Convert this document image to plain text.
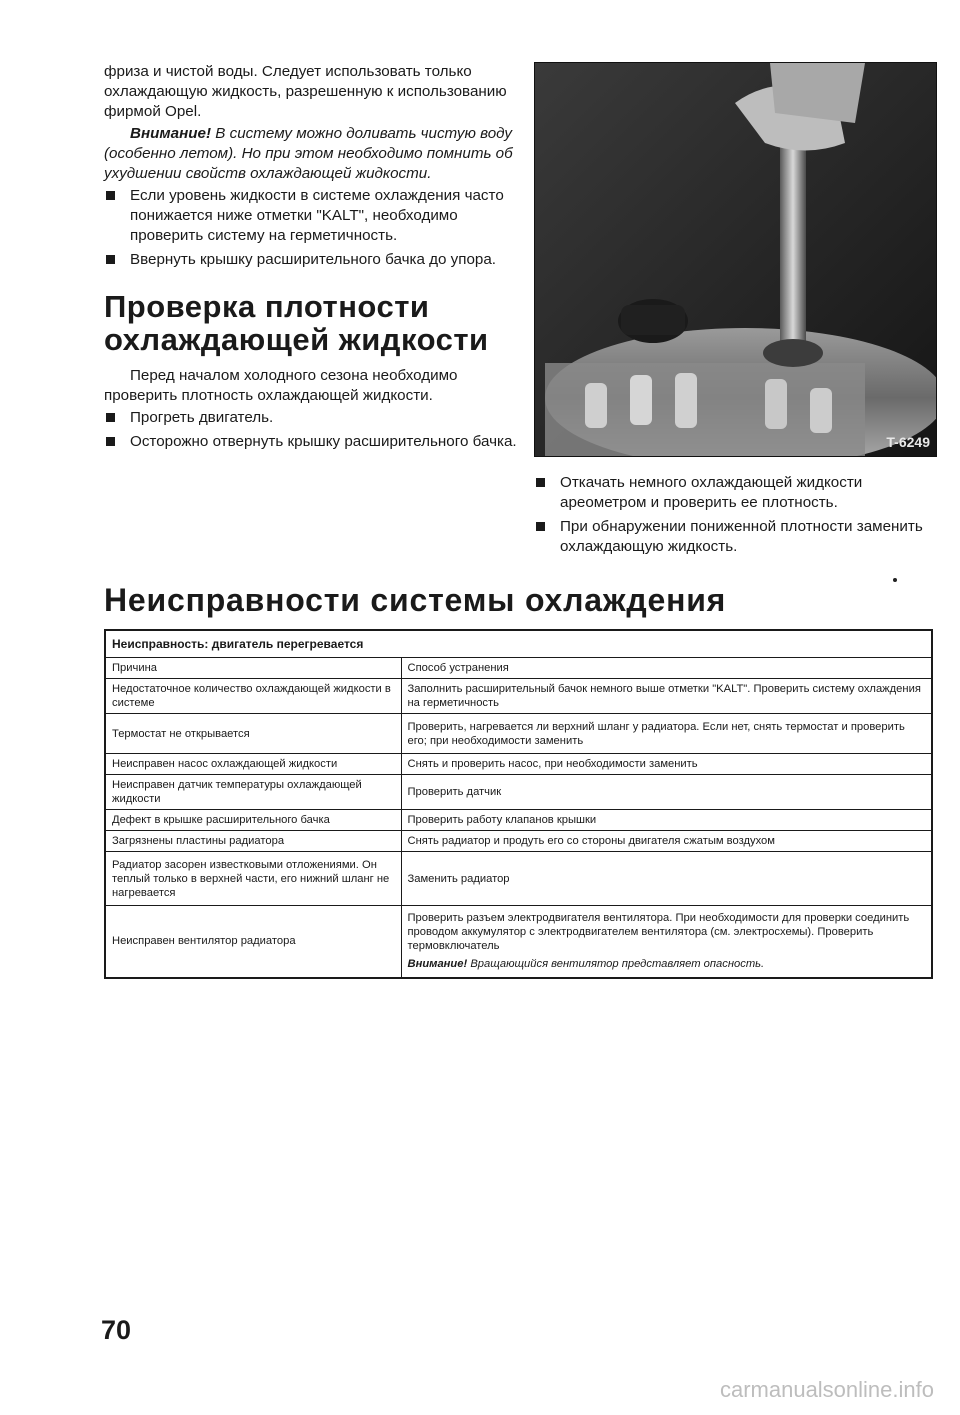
фриза и чистой воды. Следует использовать только охлаждающую жидкость, разрешенную к использованию фирмой Opel.

Внимание! В систему можно доливать чистую воду (особенно летом). Но при этом необходимо помнить об ухудшении свойств охлаждающей жидкости.

Если уровень жидкости в системе охлаждения часто понижается ниже отметки "KALT", необходимо проверить систему на герметичность.
Ввернуть крышку расширительного бачка до упора.
Проверка плотности охлаждающей жидкости

Перед началом холодного сезона необходимо проверить плотность охлаждающей жидкости.

Прогреть двигатель.
Осторожно отвернуть крышку расширительного бачка.	T-6249
Откачать немного охлаждающей жидкости ареометром и проверить ее плотность.
При обнаружении пониженной плотности заменить охлаждающую жидкость.
Неисправности системы охлаждения
Неисправность: двигатель перегревается	
Причина	Способ устранения
Недостаточное количество охлаждающей жидкости в системе	Заполнить расширительный бачок немного выше отметки "KALT". Проверить систему охлаждения на герметичность
Термостат не открывается	Проверить, нагревается ли верхний шланг у радиатора. Если нет, снять термостат и проверить его; при необходимости заменить
Неисправен насос охлаждающей жидкости	Снять и проверить насос, при необходимости заменить
Неисправен датчик температуры охлаждающей жидкости	Проверить датчик
Дефект в крышке расширительного бачка	Проверить работу клапанов крышки
Загрязнены пластины радиатора	Снять радиатор и продуть его со стороны двигателя сжатым воздухом
Радиатор засорен известковыми отложениями. Он теплый только в верхней части, его нижний шланг не нагревается	Заменить радиатор
Неисправен вентилятор радиатора	Проверить разъем электродвигателя вентилятора. При необходимости для проверки соединить проводом аккумулятор с электродвигателем вентилятора (см. электросхемы). Проверить термовключатель
Внимание! Вращающийся вентилятор представляет опасность.
70
carmanualsonline.info
